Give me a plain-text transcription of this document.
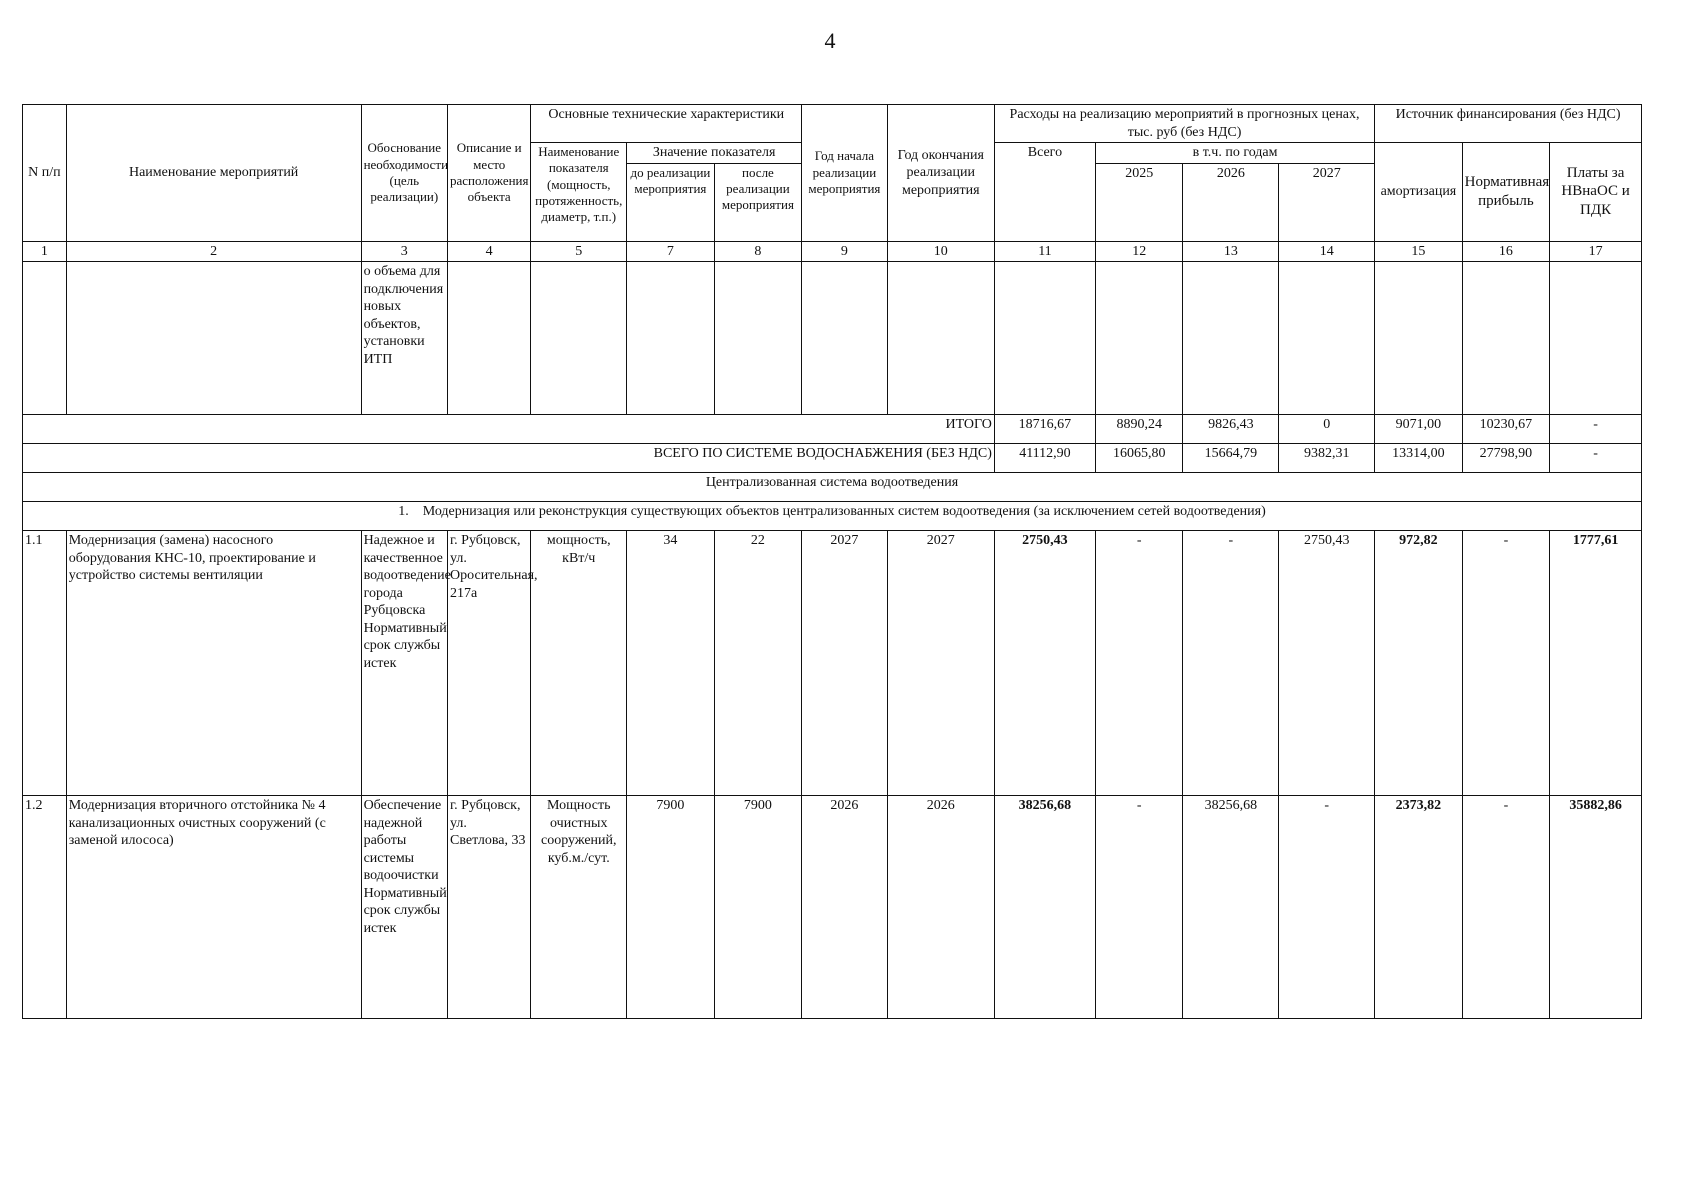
4
N п/п	Наименование мероприятий	Обоснование необходимости (цель реализации)	Описание и место расположения объекта	Основные технические характеристики			Год начала реализации мероприятия	Год окончания реализации мероприятия	Расходы на реализацию мероприятий в прогнозных ценах, тыс. руб (без НДС)				Источник финансирования (без НДС)		
				Наименование показателя (мощность, протяженность, диаметр, т.п.)	Значение показателя				Всего	в т.ч. по годам			амортизация	Нормативная прибыль	Платы за НВнаОС и ПДК
					до реализации мероприятия	после реализации мероприятия				2025	2026	2027			
1	2	3	4	5	7	8	9	10	11	12	13	14	15	16	17
		о объема для подключения новых объектов, установки ИТП													
ИТОГО									18716,67	8890,24	9826,43	0	9071,00	10230,67	-
ВСЕГО ПО СИСТЕМЕ ВОДОСНАБЖЕНИЯ (БЕЗ НДС)									41112,90	16065,80	15664,79	9382,31	13314,00	27798,90	-
Централизованная система водоотведения															
1.    Модернизация или реконструкция существующих объектов централизованных систем водоотведения (за исключением сетей водоотведения)															
1.1	Модернизация (замена) насосного оборудования КНС-10, проектирование и устройство системы вентиляции	Надежное и качественное водоотведение города Рубцовска Нормативный срок службы истек	г. Рубцовск, ул. Оросительная, 217а	мощность, кВт/ч	34	22	2027	2027	2750,43	-	-	2750,43	972,82	-	1777,61
1.2	Модернизация вторичного отстойника № 4 канализационных очистных сооружений (с заменой илососа)	Обеспечение надежной работы системы водоочистки Нормативный срок службы истек	г. Рубцовск, ул. Светлова, 33	Мощность очистных сооружений, куб.м./сут.	7900	7900	2026	2026	38256,68	-	38256,68	-	2373,82	-	35882,86
